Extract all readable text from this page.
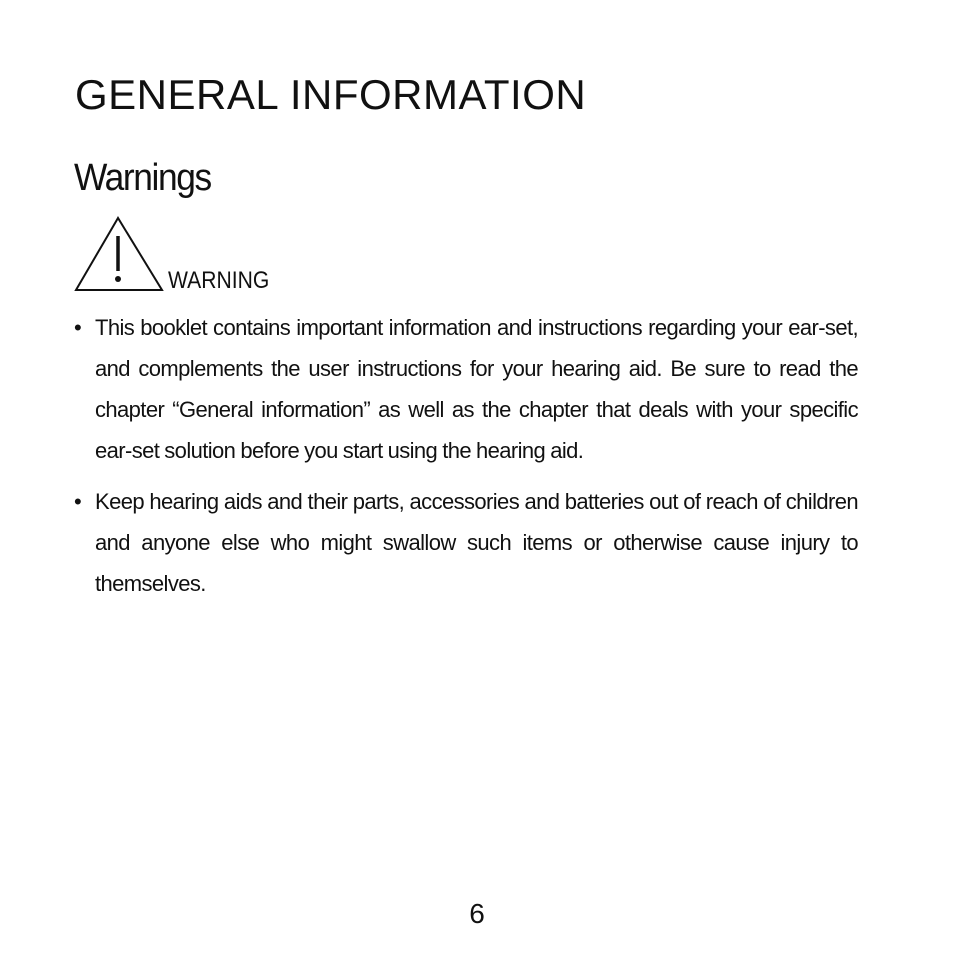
GENERAL INFORMATION
Warnings
WARNING
• This booklet contains important information and instructions regarding your ear-set, and complements the user instructions for your hearing aid. Be sure to read the chapter “General information” as well as the chapter that deals with your specific ear-set solution before you start using the hearing aid.
• Keep hearing aids and their parts, accessories and batteries out of reach of children and anyone else who might swallow such items or otherwise cause injury to themselves.
6
